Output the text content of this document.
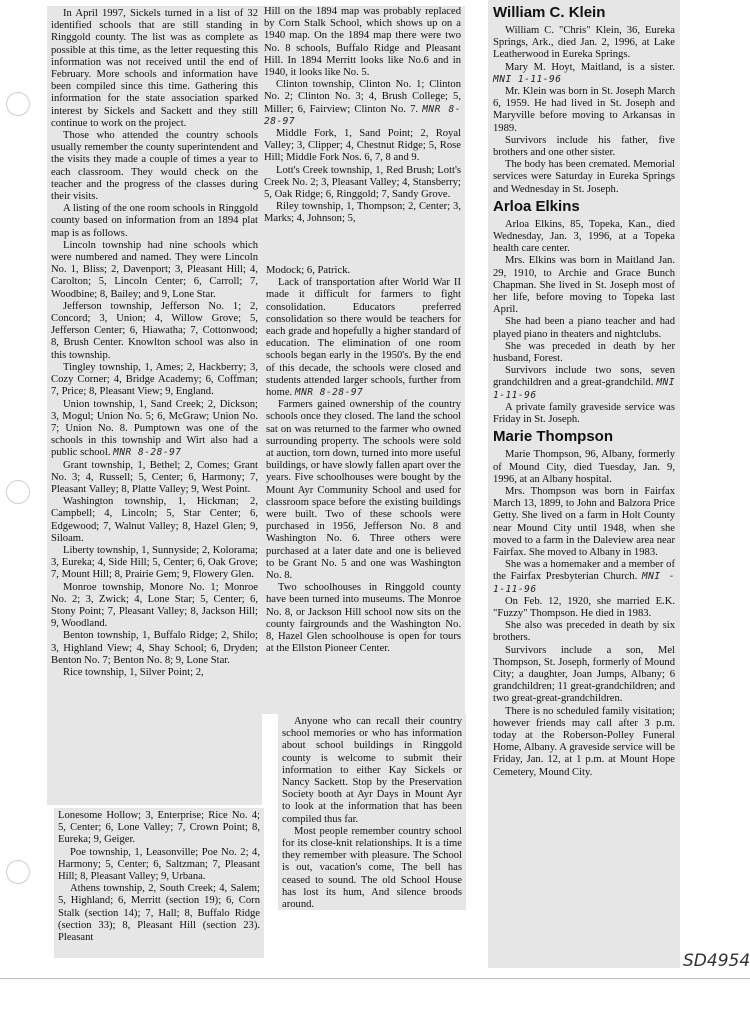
In April 1997, Sickels turned in a list of 32 identified schools that are still standing in Ringgold county. The list was as complete as possible at this time, as the letter requesting this information was not received until the end of February. More schools and information have been compiled since this time. Gathering this information for the state association sparked interest by Sickels and Sackett and they still continue to work on the project.

Those who attended the country schools usually remember the county superintendent and the visits they made a couple of times a year to each classroom. They would check on the teacher and the progress of the classes during their visits.

A listing of the one room schools in Ringgold county based on information from an 1894 plat map is as follows.

Lincoln township had nine schools which were numbered and named. They were Lincoln No. 1, Bliss; 2, Davenport; 3, Pleasant Hill; 4, Carolton; 5, Lincoln Center; 6, Carroll; 7, Woodbine; 8, Bailey; and 9, Lone Star.

Jefferson township, Jefferson No. 1; 2, Concord; 3, Union; 4, Willow Grove; 5, Jefferson Center; 6, Hiawatha; 7, Cottonwood; 8, Brush Center. Knowlton school was also in this township.

Tingley township, 1, Ames; 2, Hackberry; 3, Cozy Corner; 4, Bridge Academy; 6, Coffman; 7, Price; 8, Pleasant View; 9, England.

Union township, 1, Sand Creek; 2, Dickson; 3, Mogul; Union No. 5; 6, McGraw; Union No. 7; Union No. 8. Pumptown was one of the schools in this township and Wirt also had a public school. MNR 8-28-97

Grant township, 1, Bethel; 2, Comes; Grant No. 3; 4, Russell; 5, Center; 6, Harmony; 7, Pleasant Valley; 8, Platte Valley; 9, West Point.

Washington township, 1, Hickman; 2, Campbell; 4, Lincoln; 5, Star Center; 6, Edgewood; 7, Walnut Valley; 8, Hazel Glen; 9, Siloam.

Liberty township, 1, Sunnyside; 2, Kolorama; 3, Eureka; 4, Side Hill; 5, Center; 6, Oak Grove; 7, Mount Hill; 8, Prairie Gem; 9, Flowery Glen.

Monroe township, Monore No. 1; Monroe No. 2; 3, Zwick; 4, Lone Star; 5, Center; 6, Stony Point; 7, Pleasant Valley; 8, Jackson Hill; 9, Woodland.

Benton township, 1, Buffalo Ridge; 2, Shilo; 3, Highland View; 4, Shay School; 6, Dryden; Benton No. 7; Benton No. 8; 9, Lone Star.

Rice township, 1, Silver Point; 2,

Lonesome Hollow; 3, Enterprise; Rice No. 4; 5, Center; 6, Lone Valley; 7, Crown Point; 8, Eureka; 9, Geiger.

Poe township, 1, Leasonville; Poe No. 2; 4, Harmony; 5, Center; 6, Saltzman; 7, Pleasant Hill; 8, Pleasant Valley; 9, Urbana.

Athens township, 2, South Creek; 4, Salem; 5, Highland; 6, Merritt (section 19); 6, Corn Stalk (section 14); 7, Hall; 8, Buffalo Ridge (section 33); 8, Pleasant Hill (section 23). Pleasant

Hill on the 1894 map was probably replaced by Corn Stalk School, which shows up on a 1940 map. On the 1894 map there were two No. 8 schools, Buffalo Ridge and Pleasant Hill. In 1894 Merritt looks like No.6 and in 1940, it looks like No. 5.

Clinton township, Clinton No. 1; Clinton No. 2; Clinton No. 3; 4, Brush College; 5, Miller; 6, Fairview; Clinton No. 7. MNR 8-28-97

Middle Fork, 1, Sand Point; 2, Royal Valley; 3, Clipper; 4, Chestnut Ridge; 5, Rose Hill; Middle Fork Nos. 6, 7, 8 and 9.

Lott's Creek township, 1, Red Brush; Lott's Creek No. 2; 3, Pleasant Valley; 4, Stansberry; 5, Oak Ridge; 6, Ringgold; 7, Sandy Grove.

Riley township, 1, Thompson; 2, Center; 3, Marks; 4, Johnson; 5,

Modock; 6, Patrick.

Lack of transportation after World War II made it difficult for farmers to fight consolidation. Educators preferred consolidation so there would be teachers for each grade and hopefully a higher standard of education. The elimination of one room schools began early in the 1950's. By the end of this decade, the schools were closed and students attended larger schools, further from home. MNR 8-28-97

Farmers gained ownership of the country schools once they closed. The land the school sat on was returned to the farmer who owned surrounding property. The schools were sold at auction, torn down, turned into more useful buildings, or have slowly fallen apart over the years. Five schoolhouses were bought by the Mount Ayr Community School and used for classroom space before the existing buildings were built. Two of these schools were purchased in 1956, Jefferson No. 8 and Washington No. 6. Three others were purchased at a later date and one is believed to be Grant No. 5 and one was Washington No. 8.

Two schoolhouses in Ringgold county have been turned into museums. The Monroe No. 8, or Jackson Hill school now sits on the county fairgrounds and the Washington No. 8, Hazel Glen schoolhouse is open for tours at the Ellston Pioneer Center.

Anyone who can recall their country school memories or who has information about school buildings in Ringgold county is welcome to submit their information to either Kay Sickels or Nancy Sackett. Stop by the Preservation Society booth at Ayr Days in Mount Ayr to look at the information that has been compiled thus far.

Most people remember country school for its close-knit relationships. It is a time they remember with pleasure. The School is out, vacation's come, The bell has ceased to sound. The old School House has lost its hum, And silence broods around.

William C. Klein

William C. "Chris" Klein, 36, Eureka Springs, Ark., died Jan. 2, 1996, at Lake Leatherwood in Eureka Springs.

Mary M. Hoyt, Maitland, is a sister. MNI 1-11-96

Mr. Klein was born in St. Joseph March 6, 1959. He had lived in St. Joseph and Maryville before moving to Arkansas in 1989.

Survivors include his father, five brothers and one other sister.

The body has been cremated. Memorial services were Saturday in Eureka Springs and Wednesday in St. Joseph.

Arloa Elkins

Arloa Elkins, 85, Topeka, Kan., died Wednesday, Jan. 3, 1996, at a Topeka health care center.

Mrs. Elkins was born in Maitland Jan. 29, 1910, to Archie and Grace Bunch Chapman. She lived in St. Joseph most of her life, before moving to Topeka last April.

She had been a piano teacher and had played piano in theaters and nightclubs.

She was preceded in death by her husband, Forest.

Survivors include two sons, seven grandchildren and a great-grandchild. MNI 1-11-96

A private family graveside service was Friday in St. Joseph.

Marie Thompson

Marie Thompson, 96, Albany, formerly of Mound City, died Tuesday, Jan. 9, 1996, at an Albany hospital.

Mrs. Thompson was born in Fairfax March 13, 1899, to John and Balzora Price Getty. She lived on a farm in Holt County near Mound City until 1948, when she moved to a farm in the Daleview area near Fairfax. She moved to Albany in 1983.

She was a homemaker and a member of the Fairfax Presbyterian Church. MNI - 1-11-96

On Feb. 12, 1920, she married E.K. "Fuzzy" Thompson. He died in 1983.

She also was preceded in death by six brothers.

Survivors include a son, Mel Thompson, St. Joseph, formerly of Mound City; a daughter, Joan Jumps, Albany; 6 grandchildren; 11 great-grandchildren; and two great-great-grandchildren.

There is no scheduled family visitation; however friends may call after 3 p.m. today at the Roberson-Polley Funeral Home, Albany. A graveside service will be Friday, Jan. 12, at 1 p.m. at Mount Hope Cemetery, Mound City.

SD4954
